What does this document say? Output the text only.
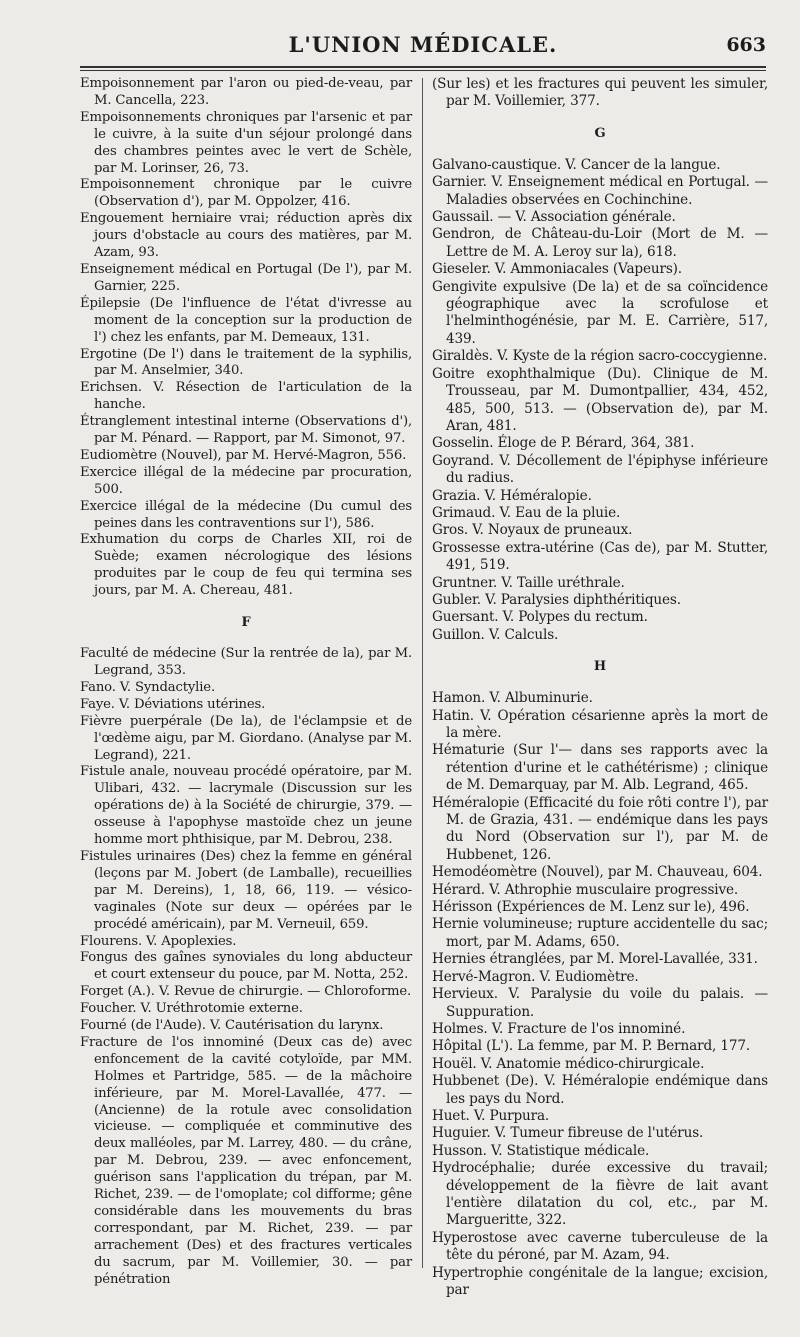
L'UNION MÉDICALE.	663

Empoisonnement par l'aron ou pied-de-veau, par M. Cancella, 223.

Empoisonnements chroniques par l'arsenic et par le cuivre, à la suite d'un séjour prolongé dans des chambres peintes avec le vert de Schèle, par M. Lorinser, 26, 73.

Empoisonnement chronique par le cuivre (Observation d'), par M. Oppolzer, 416.

Engouement herniaire vrai; réduction après dix jours d'obstacle au cours des matières, par M. Azam, 93.

Enseignement médical en Portugal (De l'), par M. Garnier, 225.

Épilepsie (De l'influence de l'état d'ivresse au moment de la conception sur la production de l') chez les enfants, par M. Demeaux, 131.

Ergotine (De l') dans le traitement de la syphilis, par M. Anselmier, 340.

Erichsen. V. Résection de l'articulation de la hanche.

Étranglement intestinal interne (Observations d'), par M. Pénard. — Rapport, par M. Simonot, 97.

Eudiomètre (Nouvel), par M. Hervé-Magron, 556.

Exercice illégal de la médecine par procuration, 500.

Exercice illégal de la médecine (Du cumul des peines dans les contraventions sur l'), 586.

Exhumation du corps de Charles XII, roi de Suède; examen nécrologique des lésions produites par le coup de feu qui termina ses jours, par M. A. Chereau, 481.

F

Faculté de médecine (Sur la rentrée de la), par M. Legrand, 353.

Fano. V. Syndactylie.

Faye. V. Déviations utérines.

Fièvre puerpérale (De la), de l'éclampsie et de l'œdème aigu, par M. Giordano. (Analyse par M. Legrand), 221.

Fistule anale, nouveau procédé opératoire, par M. Ulibari, 432. — lacrymale (Discussion sur les opérations de) à la Société de chirurgie, 379. — osseuse à l'apophyse mastoïde chez un jeune homme mort phthisique, par M. Debrou, 238.

Fistules urinaires (Des) chez la femme en général (leçons par M. Jobert (de Lamballe), recueillies par M. Dereins), 1, 18, 66, 119. — vésico-vaginales (Note sur deux — opérées par le procédé américain), par M. Verneuil, 659.

Flourens. V. Apoplexies.

Fongus des gaînes synoviales du long abducteur et court extenseur du pouce, par M. Notta, 252.

Forget (A.). V. Revue de chirurgie. — Chloroforme.

Foucher. V. Uréthrotomie externe.

Fourné (de l'Aude). V. Cautérisation du larynx.

Fracture de l'os innominé (Deux cas de) avec enfoncement de la cavité cotyloïde, par MM. Holmes et Partridge, 585. — de la mâchoire inférieure, par M. Morel-Lavallée, 477. — (Ancienne) de la rotule avec consolidation vicieuse. — compliquée et comminutive des deux malléoles, par M. Larrey, 480. — du crâne, par M. Debrou, 239. — avec enfoncement, guérison sans l'application du trépan, par M. Richet, 239. — de l'omoplate; col difforme; gêne considérable dans les mouvements du bras correspondant, par M. Richet, 239. — par arrachement (Des) et des fractures verticales du sacrum, par M. Voillemier, 30. — par pénétration

(Sur les) et les fractures qui peuvent les simuler, par M. Voillemier, 377.

G

Galvano-caustique. V. Cancer de la langue.

Garnier. V. Enseignement médical en Portugal. — Maladies observées en Cochinchine.

Gaussail. — V. Association générale.

Gendron, de Château-du-Loir (Mort de M. — Lettre de M. A. Leroy sur la), 618.

Gieseler. V. Ammoniacales (Vapeurs).

Gengivite expulsive (De la) et de sa coïncidence géographique avec la scrofulose et l'helminthogénésie, par M. E. Carrière, 517, 439.

Giraldès. V. Kyste de la région sacro-coccygienne.

Goitre exophthalmique (Du). Clinique de M. Trousseau, par M. Dumontpallier, 434, 452, 485, 500, 513. — (Observation de), par M. Aran, 481.

Gosselin. Éloge de P. Bérard, 364, 381.

Goyrand. V. Décollement de l'épiphyse inférieure du radius.

Grazia. V. Héméralopie.

Grimaud. V. Eau de la pluie.

Gros. V. Noyaux de pruneaux.

Grossesse extra-utérine (Cas de), par M. Stutter, 491, 519.

Gruntner. V. Taille uréthrale.

Gubler. V. Paralysies diphthéritiques.

Guersant. V. Polypes du rectum.

Guillon. V. Calculs.

H

Hamon. V. Albuminurie.

Hatin. V. Opération césarienne après la mort de la mère.

Hématurie (Sur l'— dans ses rapports avec la rétention d'urine et le cathétérisme) ; clinique de M. Demarquay, par M. Alb. Legrand, 465.

Héméralopie (Efficacité du foie rôti contre l'), par M. de Grazia, 431. — endémique dans les pays du Nord (Observation sur l'), par M. de Hubbenet, 126.

Hemodéomètre (Nouvel), par M. Chauveau, 604.

Hérard. V. Athrophie musculaire progressive.

Hérisson (Expériences de M. Lenz sur le), 496.

Hernie volumineuse; rupture accidentelle du sac; mort, par M. Adams, 650.

Hernies étranglées, par M. Morel-Lavallée, 331.

Hervé-Magron. V. Eudiomètre.

Hervieux. V. Paralysie du voile du palais. — Suppuration.

Holmes. V. Fracture de l'os innominé.

Hôpital (L'). La femme, par M. P. Bernard, 177.

Houël. V. Anatomie médico-chirurgicale.

Hubbenet (De). V. Héméralopie endémique dans les pays du Nord.

Huet. V. Purpura.

Huguier. V. Tumeur fibreuse de l'utérus.

Husson. V. Statistique médicale.

Hydrocéphalie; durée excessive du travail; développement de la fièvre de lait avant l'entière dilatation du col, etc., par M. Margueritte, 322.

Hyperostose avec caverne tuberculeuse de la tête du péroné, par M. Azam, 94.

Hypertrophie congénitale de la langue; excision, par
